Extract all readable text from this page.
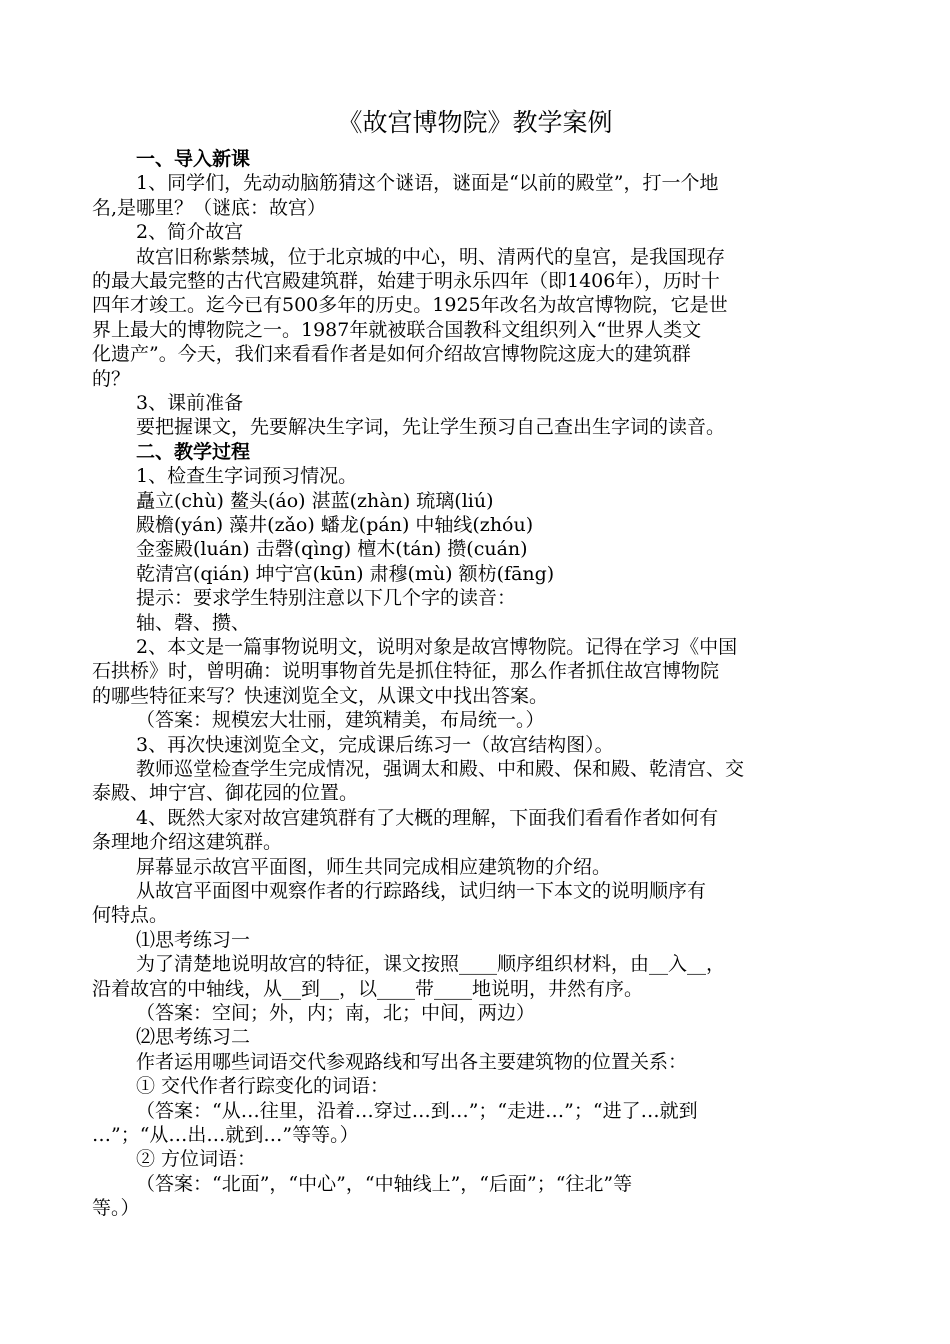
《故宫博物院》教学案例
一、导入新课
1、同学们，先动动脑筋猜这个谜语，谜面是“以前的殿堂”，打一个地
名,是哪里？（谜底：故宫）
2、简介故宫
故宫旧称紫禁城，位于北京城的中心，明、清两代的皇宫，是我国现存
的最大最完整的古代宫殿建筑群，始建于明永乐四年（即1406年），历时十
四年才竣工。迄今已有500多年的历史。1925年改名为故宫博物院，它是世
界上最大的博物院之一。1987年就被联合国教科文组织列入“世界人类文
化遗产”。今天，我们来看看作者是如何介绍故宫博物院这庞大的建筑群
的？
3、课前准备
要把握课文，先要解决生字词，先让学生预习自己查出生字词的读音。
二、教学过程
1、检查生字词预习情况。
矗立(chù) 鳌头(áo) 湛蓝(zhàn) 琉璃(liú)
殿檐(yán) 藻井(zǎo) 蟠龙(pán) 中轴线(zhóu)
金銮殿(luán) 击磬(qìng) 檀木(tán) 攒(cuán)
乾清宫(qián) 坤宁宫(kūn) 肃穆(mù) 额枋(fāng)
提示：要求学生特别注意以下几个字的读音：
轴、磬、攒、
2、本文是一篇事物说明文，说明对象是故宫博物院。记得在学习《中国
石拱桥》时，曾明确：说明事物首先是抓住特征，那么作者抓住故宫博物院
的哪些特征来写？快速浏览全文，从课文中找出答案。
（答案：规模宏大壮丽，建筑精美，布局统一。）
3、再次快速浏览全文，完成课后练习一（故宫结构图）。
教师巡堂检查学生完成情况，强调太和殿、中和殿、保和殿、乾清宫、交
泰殿、坤宁宫、御花园的位置。
4、既然大家对故宫建筑群有了大概的理解，下面我们看看作者如何有
条理地介绍这建筑群。
屏幕显示故宫平面图，师生共同完成相应建筑物的介绍。
从故宫平面图中观察作者的行踪路线，试归纳一下本文的说明顺序有
何特点。
⑴思考练习一
为了清楚地说明故宫的特征，课文按照____顺序组织材料，由__入__，
沿着故宫的中轴线，从__到__，以____带____地说明，井然有序。
（答案：空间；外，内；南，北；中间，两边）
⑵思考练习二
作者运用哪些词语交代参观路线和写出各主要建筑物的位置关系：
① 交代作者行踪变化的词语：
（答案：“从…往里，沿着…穿过…到…”；“走进…”；“进了…就到
…”；“从…出…就到…”等等。）
② 方位词语：
（答案：“北面”，“中心”，“中轴线上”，“后面”；“往北”等
等。）
